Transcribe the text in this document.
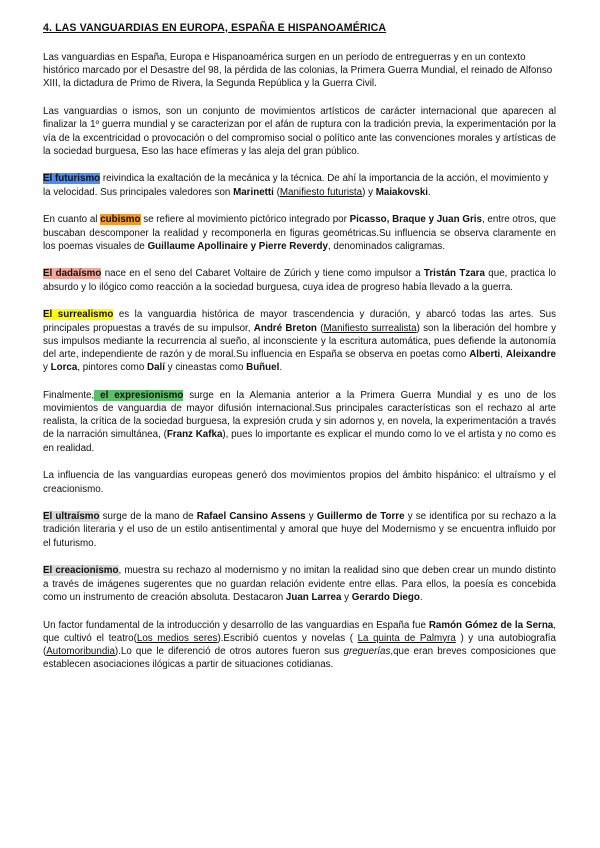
4. LAS VANGUARDIAS EN EUROPA, ESPAÑA E HISPANOAMÉRICA

Las vanguardias en España, Europa e Hispanoamérica surgen en un período de entreguerras y en un contexto histórico marcado por el Desastre del 98, la pérdida de las colonias, la Primera Guerra Mundial, el reinado de Alfonso XIII, la dictadura de Primo de Rivera, la Segunda República y la Guerra Civil.

Las vanguardias o ismos, son un conjunto de movimientos artísticos de carácter internacional que aparecen al finalizar la 1º guerra mundial y se caracterizan por el afán de ruptura con la tradición previa, la experimentación por la vía de la excentricidad o provocación o del compromiso social o político ante las convenciones morales y artísticas de la sociedad burguesa, Eso las hace efímeras y las aleja del gran público.

El futurismo reivindica la exaltación de la mecánica y la técnica. De ahí la importancia de la acción, el movimiento y la velocidad. Sus principales valedores son Marinetti (Manifiesto futurista) y Maiakovski.

En cuanto al cubismo se refiere al movimiento pictórico integrado por Picasso, Braque y Juan Gris, entre otros, que buscaban descomponer la realidad y recomponerla en figuras geométricas.Su influencia se observa claramente en los poemas visuales de Guillaume Apollinaire y Pierre Reverdy, denominados caligramas.

El dadaísmo nace en el seno del Cabaret Voltaire de Zúrich y tiene como impulsor a Tristán Tzara que, practica lo absurdo y lo ilógico como reacción a la sociedad burguesa, cuya idea de progreso había llevado a la guerra.

El surrealismo es la vanguardia histórica de mayor trascendencia y duración, y abarcó todas las artes. Sus principales propuestas a través de su impulsor, André Breton (Manifiesto surrealista) son la liberación del hombre y sus impulsos mediante la recurrencia al sueño, al inconsciente y la escritura automática, pues defiende la autonomía del arte, independiente de razón y de moral.Su influencia en España se observa en poetas como Alberti, Aleixandre y Lorca, pintores como Dalí y cineastas como Buñuel.

Finalmente, el expresionismo surge en la Alemania anterior a la Primera Guerra Mundial y es uno de los movimientos de vanguardia de mayor difusión internacional.Sus principales características son el rechazo al arte realista, la crítica de la sociedad burguesa, la expresión cruda y sin adornos y, en novela, la experimentación a través de la narración simultánea, (Franz Kafka), pues lo importante es explicar el mundo como lo ve el artista y no como es en realidad.

La influencia de las vanguardias europeas generó dos movimientos propios del ámbito hispánico: el ultraísmo y el creacionismo.

El ultraísmo surge de la mano de Rafael Cansino Assens y Guillermo de Torre y se identifica por su rechazo a la tradición literaria y el uso de un estilo antisentimental y amoral que huye del Modernismo y se encuentra influido por el futurismo.

El creacionismo, muestra su rechazo al modernismo y no imitan la realidad sino que deben crear un mundo distinto a través de imágenes sugerentes que no guardan relación evidente entre ellas. Para ellos, la poesía es concebida como un instrumento de creación absoluta. Destacaron Juan Larrea y Gerardo Diego.

Un factor fundamental de la introducción y desarrollo de las vanguardias en España fue Ramón Gómez de la Serna, que cultivó el teatro(Los medios seres).Escribió cuentos y novelas ( La quinta de Palmyra ) y una autobiografía (Automoribundia).Lo que le diferenció de otros autores fueron sus greguerías,que eran breves composiciones que establecen asociaciones ilógicas a partir de situaciones cotidianas.
